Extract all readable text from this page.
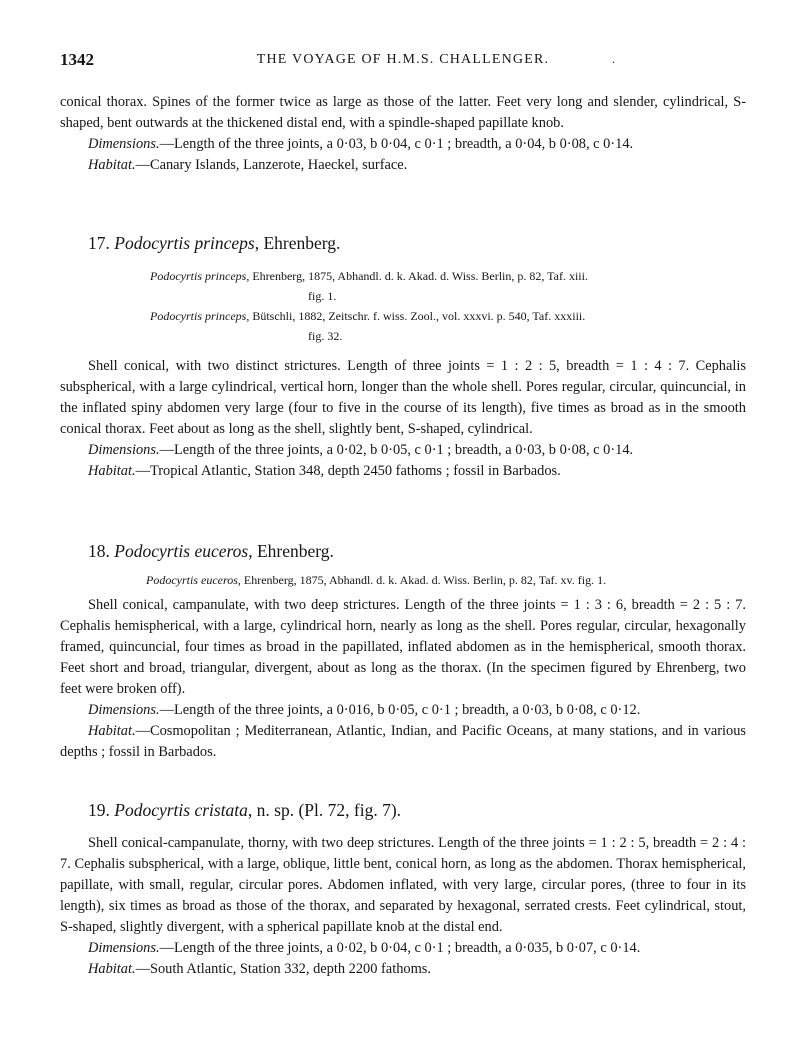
1342	THE VOYAGE OF H.M.S. CHALLENGER.	.

conical thorax. Spines of the former twice as large as those of the latter. Feet very long and slender, cylindrical, S-shaped, bent outwards at the thickened distal end, with a spindle-shaped papillate knob.

Dimensions.—Length of the three joints, a 0·03, b 0·04, c 0·1 ; breadth, a 0·04, b 0·08, c 0·14.

Habitat.—Canary Islands, Lanzerote, Haeckel, surface.

17. Podocyrtis princeps, Ehrenberg.

Podocyrtis princeps, Ehrenberg, 1875, Abhandl. d. k. Akad. d. Wiss. Berlin, p. 82, Taf. xiii.
fig. 1.

Podocyrtis princeps, Bütschli, 1882, Zeitschr. f. wiss. Zool., vol. xxxvi. p. 540, Taf. xxxiii.
fig. 32.

Shell conical, with two distinct strictures. Length of three joints = 1 : 2 : 5, breadth = 1 : 4 : 7. Cephalis subspherical, with a large cylindrical, vertical horn, longer than the whole shell. Pores regular, circular, quincuncial, in the inflated spiny abdomen very large (four to five in the course of its length), five times as broad as in the smooth conical thorax. Feet about as long as the shell, slightly bent, S-shaped, cylindrical.

Dimensions.—Length of the three joints, a 0·02, b 0·05, c 0·1 ; breadth, a 0·03, b 0·08, c 0·14.

Habitat.—Tropical Atlantic, Station 348, depth 2450 fathoms ; fossil in Barbados.

18. Podocyrtis euceros, Ehrenberg.

Podocyrtis euceros, Ehrenberg, 1875, Abhandl. d. k. Akad. d. Wiss. Berlin, p. 82, Taf. xv. fig. 1.

Shell conical, campanulate, with two deep strictures. Length of the three joints = 1 : 3 : 6, breadth = 2 : 5 : 7. Cephalis hemispherical, with a large, cylindrical horn, nearly as long as the shell. Pores regular, circular, hexagonally framed, quincuncial, four times as broad in the papillated, inflated abdomen as in the hemispherical, smooth thorax. Feet short and broad, triangular, divergent, about as long as the thorax. (In the specimen figured by Ehrenberg, two feet were broken off).

Dimensions.—Length of the three joints, a 0·016, b 0·05, c 0·1 ; breadth, a 0·03, b 0·08, c 0·12.

Habitat.—Cosmopolitan ; Mediterranean, Atlantic, Indian, and Pacific Oceans, at many stations, and in various depths ; fossil in Barbados.

19. Podocyrtis cristata, n. sp. (Pl. 72, fig. 7).

Shell conical-campanulate, thorny, with two deep strictures. Length of the three joints = 1 : 2 : 5, breadth = 2 : 4 : 7. Cephalis subspherical, with a large, oblique, little bent, conical horn, as long as the abdomen. Thorax hemispherical, papillate, with small, regular, circular pores. Abdomen inflated, with very large, circular pores, (three to four in its length), six times as broad as those of the thorax, and separated by hexagonal, serrated crests. Feet cylindrical, stout, S-shaped, slightly divergent, with a spherical papillate knob at the distal end.

Dimensions.—Length of the three joints, a 0·02, b 0·04, c 0·1 ; breadth, a 0·035, b 0·07, c 0·14.

Habitat.—South Atlantic, Station 332, depth 2200 fathoms.
